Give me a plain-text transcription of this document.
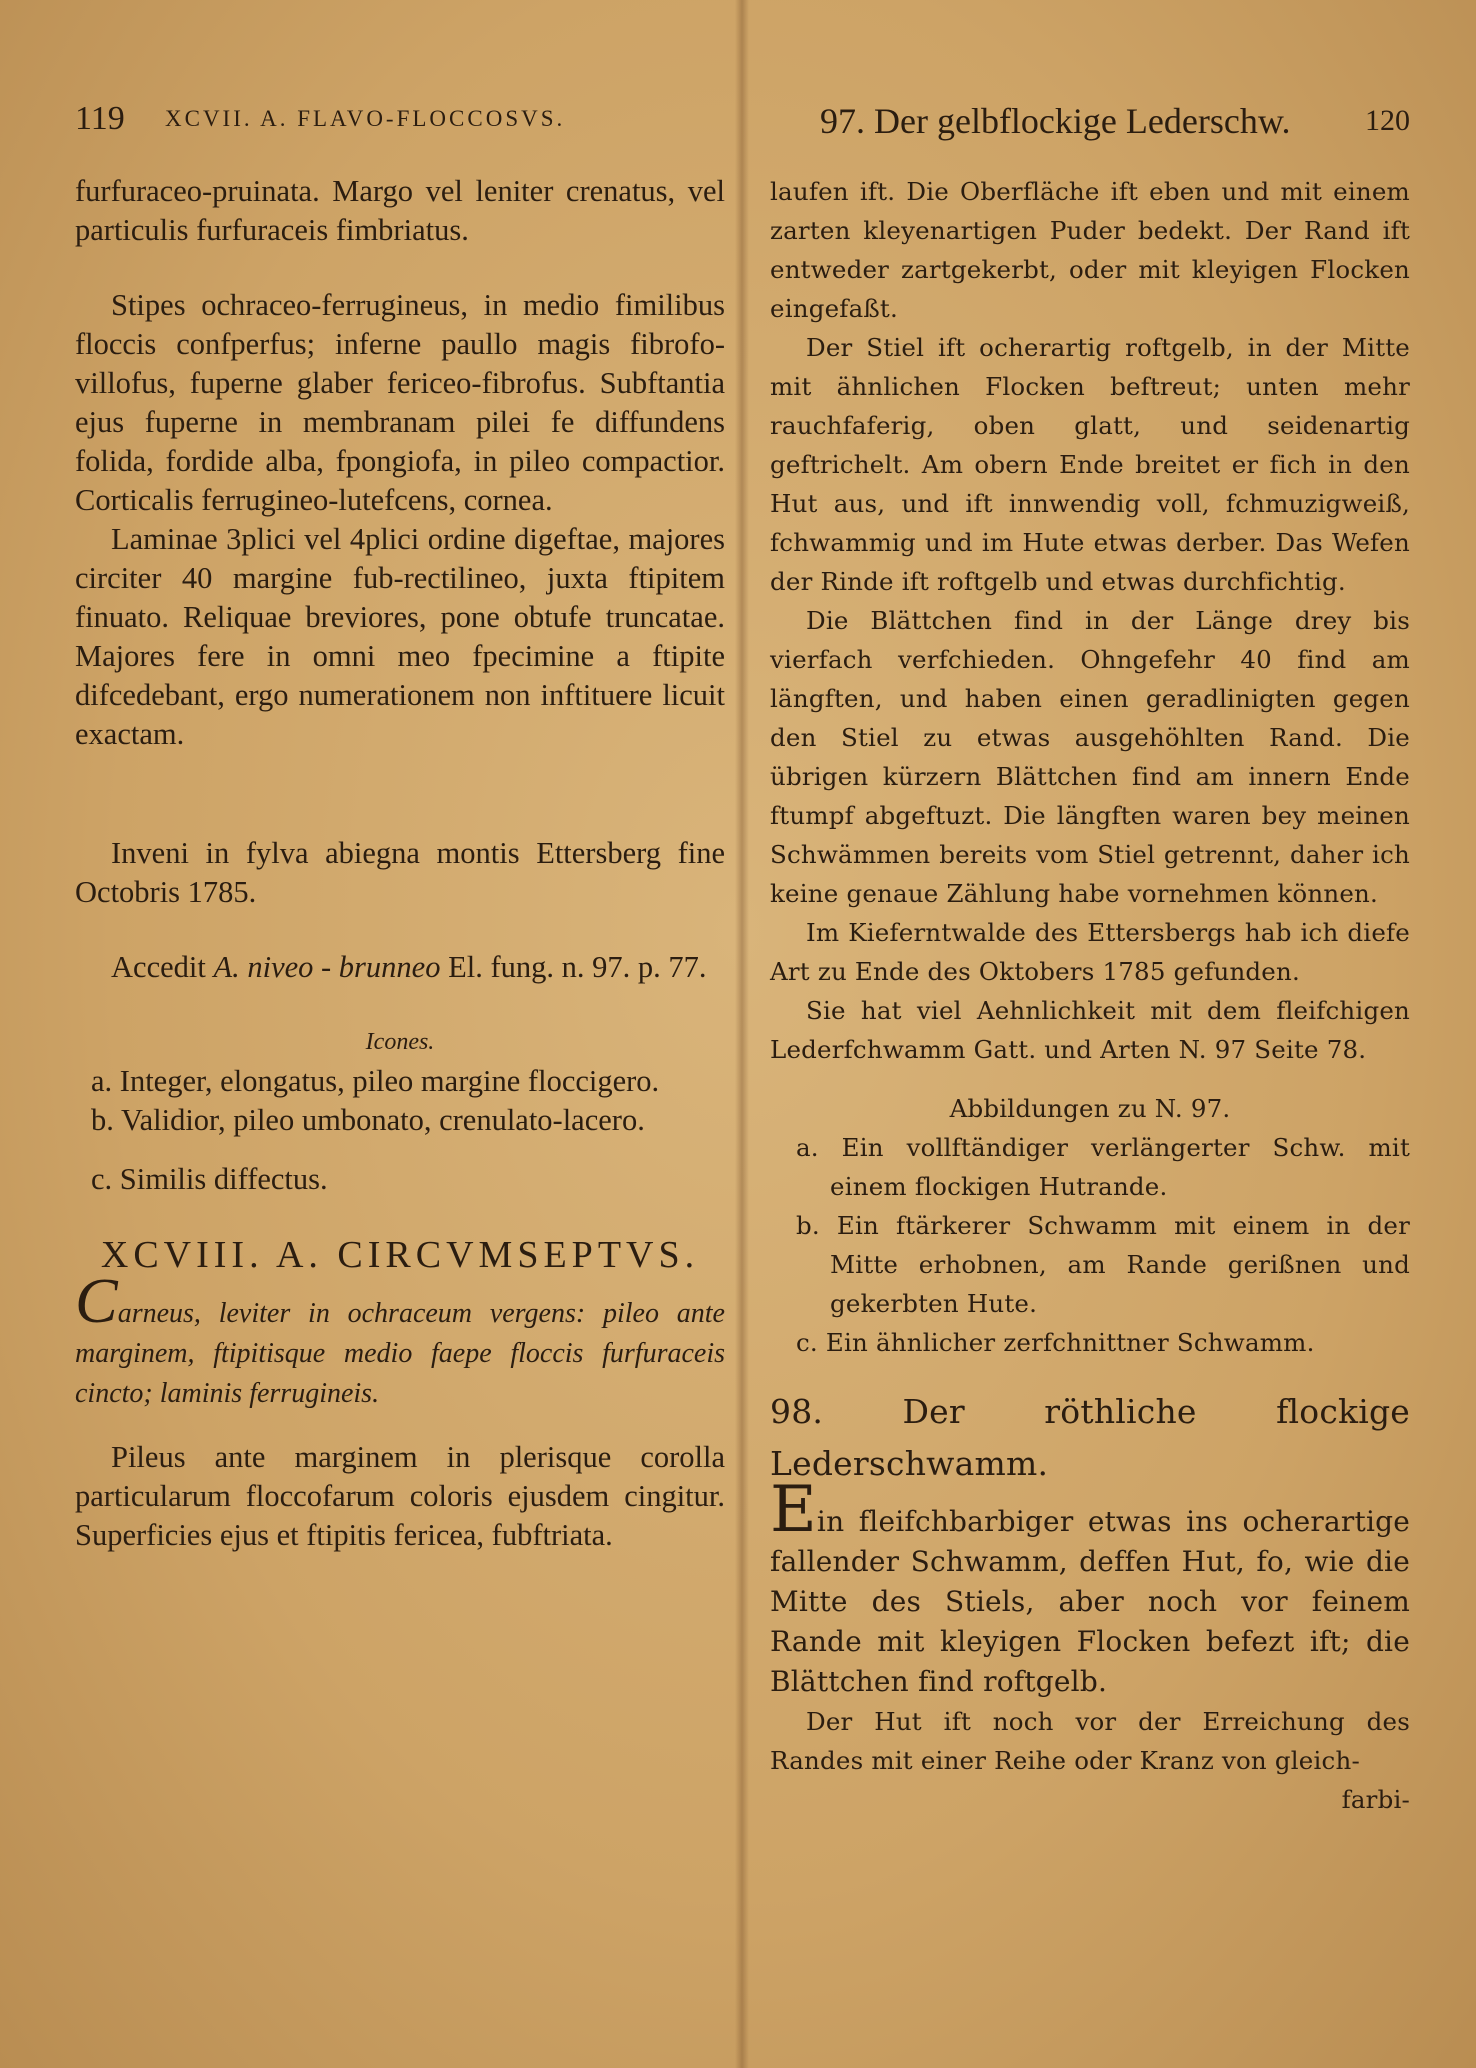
119 XCVII. A. FLAVO-FLOCCOSVS.

furfuraceo-pruinata. Margo vel leniter crenatus, vel particulis furfuraceis fimbriatus.

Stipes ochraceo-ferrugineus, in medio fimilibus floccis confperfus; inferne paullo magis fibrofo-villofus, fuperne glaber fericeo-fibrofus. Subftantia ejus fuperne in membranam pilei fe diffundens folida, fordide alba, fpongiofa, in pileo compactior. Corticalis ferrugineo-lutefcens, cornea.

Laminae 3plici vel 4plici ordine digeftae, majores circiter 40 margine fub-rectilineo, juxta ftipitem finuato. Reliquae breviores, pone obtufe truncatae. Majores fere in omni meo fpecimine a ftipite difcedebant, ergo numerationem non inftituere licuit exactam.

Inveni in fylva abiegna montis Ettersberg fine Octobris 1785.

Accedit A. niveo - brunneo El. fung. n. 97. p. 77.

Icones.

a. Integer, elongatus, pileo margine floccigero.

b. Validior, pileo umbonato, crenulato-lacero.

c. Similis diffectus.

XCVIII. A. CIRCVMSEPTVS.

Carneus, leviter in ochraceum vergens: pileo ante marginem, ftipitisque medio faepe floccis furfuraceis cincto; laminis ferrugineis.

Pileus ante marginem in plerisque corolla particularum floccofarum coloris ejusdem cingitur. Superficies ejus et ftipitis fericea, fubftriata.

97. Der gelbflockige Lederschw. 120

laufen ift. Die Oberfläche ift eben und mit einem zarten kleyenartigen Puder bedekt. Der Rand ift entweder zartgekerbt, oder mit kleyigen Flocken eingefaßt.

Der Stiel ift ocherartig roftgelb, in der Mitte mit ähnlichen Flocken beftreut; unten mehr rauchfaferig, oben glatt, und seidenartig geftrichelt. Am obern Ende breitet er fich in den Hut aus, und ift innwendig voll, fchmuzigweiß, fchwammig und im Hute etwas derber. Das Wefen der Rinde ift roftgelb und etwas durchfichtig.

Die Blättchen find in der Länge drey bis vierfach verfchieden. Ohngefehr 40 find am längften, und haben einen geradlinigten gegen den Stiel zu etwas ausgehöhlten Rand. Die übrigen kürzern Blättchen find am innern Ende ftumpf abgeftuzt. Die längften waren bey meinen Schwämmen bereits vom Stiel getrennt, daher ich keine genaue Zählung habe vornehmen können.

Im Kieferntwalde des Ettersbergs hab ich diefe Art zu Ende des Oktobers 1785 gefunden.

Sie hat viel Aehnlichkeit mit dem fleifchigen Lederfchwamm Gatt. und Arten N. 97 Seite 78.

Abbildungen zu N. 97.

a. Ein vollftändiger verlängerter Schw. mit einem flockigen Hutrande.

b. Ein ftärkerer Schwamm mit einem in der Mitte erhobnen, am Rande gerißnen und gekerbten Hute.

c. Ein ähnlicher zerfchnittner Schwamm.

98. Der röthliche flockige Lederschwamm.

Ein fleifchbarbiger etwas ins ocherartige fallender Schwamm, deffen Hut, fo, wie die Mitte des Stiels, aber noch vor feinem Rande mit kleyigen Flocken befezt ift; die Blättchen find roftgelb.

Der Hut ift noch vor der Erreichung des Randes mit einer Reihe oder Kranz von gleich-

farbi-
